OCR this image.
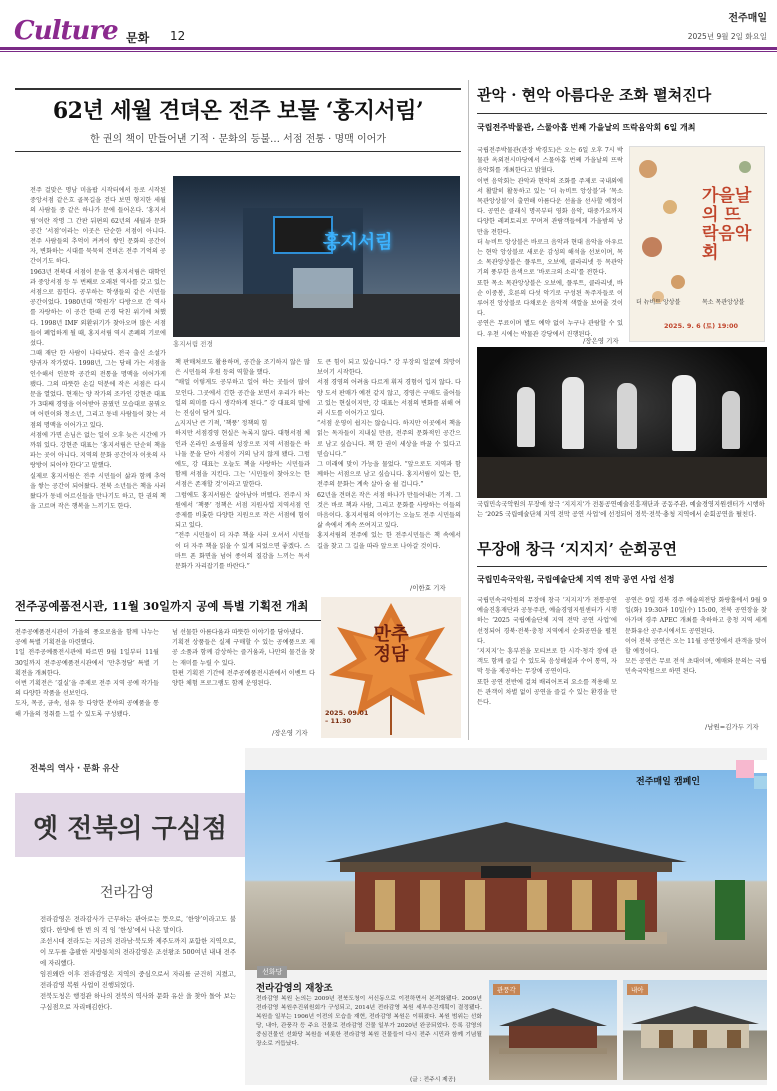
Culture 문화 12
전주매일
2025년 9월 2일 화요일
62년 세월 견뎌온 전주 보물 ‘홍지서림’
한 권의 책이 만들어낸 기적 · 문화의 등불… 서점 전통 · 명맥 이어가
홍지서림
홍지서림 전경
전주 걸맞은 명남 미을팝 시작터에서 등로 시작된 중앙서점 같은흐 골목길을 걷다 보면 형지한 세월의 사람들 중 같은 하나가 문에 들어온다. ‘홍지서림’이란 작명 그 간판 뒤편의 62년의 세월과 문화 공간 ‘서점’이라는 이곳은 단순한 서점이 아니다. 전주 사람들의 추억이 켜켜이 쌓인 문화의 공간이자, 변화하는 시대를 묵묵히 견뎌온 전주 기억의 공간이기도 하다.
1963년 전북대 서점이 문을 연 홍지서림은 대학인과 중앙서점 등 두 번째로 오래된 역사를 갖고 있는 서점으로 꼽힌다. 공부하는 학생들의 같은 시민들 공간이었다. 1980년대 ‘학원가’ 다방으로 간 역사를 자랑하는 이 공간 한때 곤경 닥친 위기에 처했다. 1998년 IMF 외환위기가 찾아오며 많은 서점들이 폐업하게 될 때, 홍지서림 역시 존폐의 기로에 섰다.
그때 재단 한 사람이 나타났다. 전국 출신 소설가 양귀자 작가였다. 1998년, 그는 당해 가는 서점을 인수해서 인문학 공간의 전통을 명맥을 이어가게 됐다. 그의 따뜻한 손길 덕분에 작은 서점은 다시 문을 열었다. 현재는 양 작가의 조카인 강현준 대표가 3대째 경영을 이어받아 꿈꿨던 모습대로 꿈꿔오며 어린이와 청소년, 그리고 동네 사람들이 찾는 서점의 명맥을 이어가고 있다.
서점에 가면 손님은 없는 일이 오후 늦은 시간에 가까워 있다. 강현준 대표는 ‘홍지서림은 단순히 책을 파는 곳이 아니다. 지역의 문화 공간이자 이웃의 사랑방이 되어야 한다’고 말했다.
실제로 홍지서림은 전주 시민들이 삶과 함께 추억을 쌓는 공간이 되어왔다. 전북 소년들은 책을 사러 왔다가 동네 어르신들을 만나기도 하고, 한 권의 책을 고르며 작은 행복을 느끼기도 한다.
책 판매처로도 활용하며, 공간을 조기하지 않은 많은 시민들의 후원 등의 역할을 했다.
“매일 이렇게도 공부하고 일어 하는 곳들이 많이 모인다. 그곳에서 긴한 공간을 보면서 우리가 하는 일의 의미를 다시 생각하게 된다.” 강 대표의 말에는 진심이 담겨 있다.
△지지난 큰 기적, ‘책풍’ 정책의 힘
하지만 서점경영 현실은 녹록지 않다. 대형서점 체인과 온라인 쇼핑몰의 성장으로 지역 서점들은 하나둘 문을 닫아 서점이 거의 남지 않게 됐다. 그럼에도, 강 대표는 오늘도 책을 사랑하는 시민들과 함께 서점을 지킨다. 그는 ‘시민들이 찾아오는 한 서점은 존재할 것’이라고 말한다.
그럼에도 홍지서림은 살아남아 버텼다. 전주시 차원에서 ‘책풍’ 정책은 서점 지원사업 지역서점 인증제를 비롯한 다양한 지원으로 작은 서점에 힘이 되고 있다.
“전주 시민들이 더 자주 책을 사러 오셔서 시민들이 더 자주 책을 읽을 수 있게 되었으면 좋겠다. 스마트 폰 화면을 넘어 종이의 질감을 느끼는 독서 문화가 자리잡기를 바란다.”
도 큰 힘이 되고 있습니다.” 강 부장의 얼굴에 희망이 보이기 시작한다.
서점 경영의 어려움 다르게 휘저 경험이 입지 않다. 다양 도서 판매가 예전 같지 않고, 경영은 구매도 줄어들고 있는 현실이지만, 강 대표는 서점의 변화를 위해 여러 시도를 이어가고 있다.
“서점 운영이 쉽지는 않습니다. 하지만 이곳에서 책을 읽는 독자들이 지내실 만큼, 전주의 문화적인 공간으로 남고 싶습니다. 책 한 권이 세상을 바꿀 수 있다고 믿습니다.”
그 미래에 맞이 가능을 물었다. “앞으로도 지역과 함께하는 서점으로 남고 싶습니다. 홍지서림이 있는 한, 전주의 문화는 계속 살아 숨 쉴 겁니다.”
62년을 견뎌온 작은 서점 하나가 만들어내는 기적. 그것은 바로 책과 사람, 그리고 문화를 사랑하는 이들의 마음이다. 홍지서림의 이야기는 오늘도 전주 시민들의 삶 속에서 계속 쓰여지고 있다.
홍지서림의 전주에 있는 한 전주시민들은 책 속에서 길을 찾고 그 길을 따라 앞으로 나아갈 것이다.
/이한효 기자
관악 · 현악 아름다운 조화 펼쳐진다
국립전주박물관, 스물아홉 번째 가을날의 뜨락음악회 6일 개최
국립전주박물관(관장 박경도)은 오는 6일 오후 7시 박물관 옥외전시마당에서 스물아홉 번째 가을날의 뜨락음악회를 개최한다고 밝혔다.
이번 음악회는 관악과 현악의 조화를 주제로 국내외에서 활발히 활동하고 있는 ‘더 뉴비트 앙상블’과 ‘목소 목관앙상블’이 출연해 아름다운 선율을 선사할 예정이다. 공연은 클래식 명곡부터 영화 음악, 대중가요까지 다양한 레퍼토리로 꾸며져 관람객들에게 가을밤의 낭만을 전한다.
더 뉴비트 앙상블은 바로크 음악과 현대 음악을 아우르는 현악 앙상블로 새로운 감성의 해석을 선보이며, 목소 목관앙상블은 플루트, 오보에, 클라리넷 등 목관악기의 풍부한 음색으로 ‘바로크의 소리’를 전한다.
또한 목소 목관앙상블은 오보에, 플루트, 클라리넷, 바순 이중봉, 호른의 다섯 악기로 구성된 독주자들로 이루어진 앙상블로 다채로운 음악적 색깔을 보여줄 것이다.
공연은 무료이며 별도 예약 없이 누구나 관람할 수 있다. 우천 시에는 박물관 강당에서 진행된다.
/장은영 기자
가을날의 뜨락음악회
더 뉴비트 앙상블	목소 목관앙상블
2025. 9. 6 (토) 19:00
국립민속국악원의 무장애 창극 ‘지지지’가 전통공연예술진흥재단과 공동주관, 예술경영지원센터가 시행하는 ‘2025 국립예술단체 지역 전막 공연 사업’에 선정되어 경북·전북·충청 지역에서 순회공연을 펼친다.
무장애 창극 ‘지지지’ 순회공연
국립민속국악원, 국립예술단체 지역 전막 공연 사업 선정
국립민속국악원의 무장애 창극 ‘지지지’가 전통공연예술진흥재단과 공동주관, 예술경영지원센터가 시행하는 ‘2025 국립예술단체 지역 전막 공연 사업’에 선정되어 경북·전북·충청 지역에서 순회공연을 펼친다.
‘지지지’는 흥부전을 모티브로 한 시각·청각 장애 관객도 함께 즐길 수 있도록 음성해설과 수어 통역, 자막 등을 제공하는 무장애 공연이다.
또한 공연 전반에 걸쳐 배리어프리 요소를 적용해 모든 관객이 차별 없이 공연을 즐길 수 있는 환경을 만든다.
공연은 9일 경북 경주 예술의전당 화랑홀에서 9월 9일(화) 19:30과 10일(수) 15:00, 전북 공연장을 찾아가며 경주 APEC 개최를 축하하고 충청 지역 세계문화유산 공주시에서도 공연된다.
이어 전북 공연은 오는 11월 공연장에서 관객을 맞이할 예정이다.
모든 공연은 무료 전석 초대이며, 예매와 문의는 국립민속국악원으로 하면 된다.
/남원=김가두 기자
전주공예품전시관, 11월 30일까지 공예 특별 기획전 개최
전주공예품전시관이 가을의 풍요로움을 함께 나누는 공예 특별 기획전을 마련했다.
1일 전주공예품전시관에 따르면 9월 1일부터 11월 30일까지 전주공예품전시관에서 ‘만추정담’ 특별 기획전을 개최한다.
이번 기획전은 ‘결실’을 주제로 전주 지역 공예 작가들의 다양한 작품을 선보인다.
도자, 목공, 금속, 섬유 등 다양한 분야의 공예품을 통해 가을의 정취를 느낄 수 있도록 구성됐다.
넘 선물한 아름다움과 따뜻한 이야기를 담아냈다.
기획전 상품들은 실제 구매할 수 있는 공예품으로 제공 소품과 함께 감상하는 즐거움과, 나만의 물건을 찾는 재미를 누릴 수 있다.
한편 기획전 기간에 전주공예품전시관에서 이벤트 다양한 체험 프로그램도 함께 운영된다.
/장은영 기자
만추정담
2025. 09.01 – 11.30
전북의 역사 · 문화 유산
옛 전북의 구심점
전라감영
전라감영은 전라감사가 근무하는 관아로는 뜻으로, ‘한양’이라고도 불렸다. 한양에 한 번 의 직 임 ‘한성’에서 나온 말이다.
조선시대 전라도는 지금의 전라남·북도와 제주도까지 포함한 지역으로, 이 모두를 총괄한 지방통치의 전라감영은 조선왕조 500여년 내내 전주에 자리했다.
임진왜란 이후 전라감영은 지역의 중심으로서 자리를 굳건히 지켰고, 전라감영 복원 사업이 진행되었다.
전북도청은 행정관 하나의 전북의 역사와 문화 유산 을 찾아 돌아 보는 구심점으로 자리매김한다.
전주매일 캠페인
선화당
전라감영의 재창조
전라감영 복원 논의는 2009년 전북도청이 서신동으로 이전하면서 본격화됐다. 2009년 전라감영 복원추진위원회가 구성되고, 2014년 전라감영 복원 세부추진계획이 결정됐다. 복원을 일부는 1906년 이전의 모습을 재현, 전라감영 복원은 이뤄졌다. 복원 범위는 선화당, 내아, 관풍각 등 주요 건물로 전라감영 건물 일부가 2020년 완공되었다. 등록 감영의 중심건물인 선화당 복원을 비롯한 전라감영 복원 건물들이 다시 전주 시민과 함께 기념될 장소로 거듭났다.
(글 : 전주시 제공)
관풍각	내아
